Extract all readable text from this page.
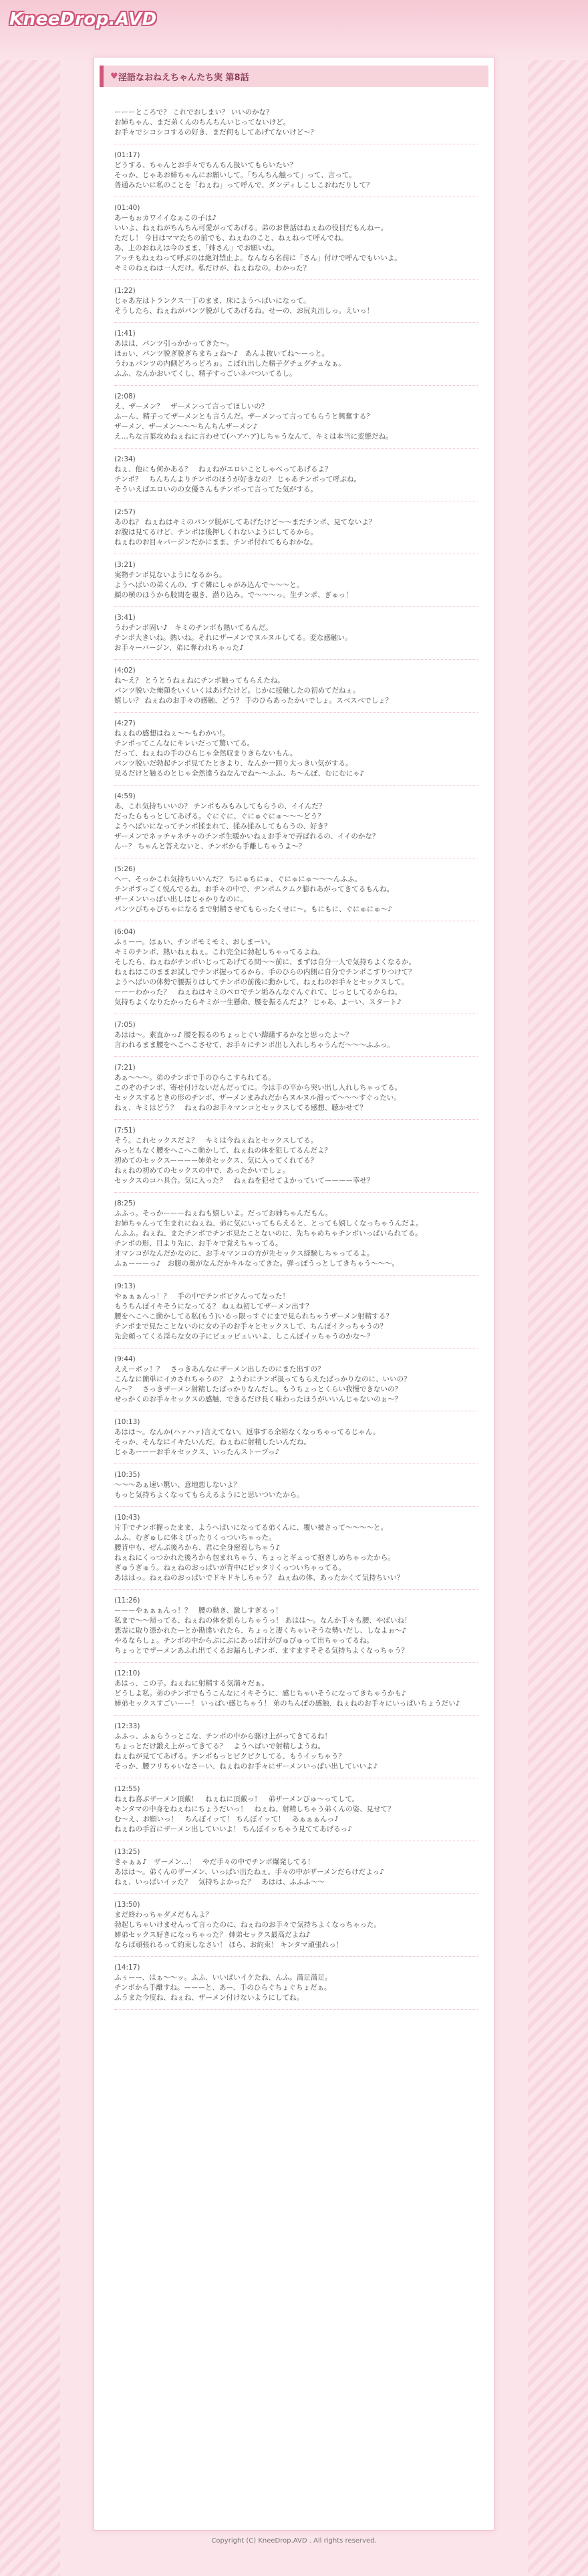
KneeDrop.AVD
♥ 淫語なおねえちゃんたち実 第8話
ーーーところで？ これでおしまい？ いいのかな？
お姉ちゃん、まだ弟くんのちんちんいじってないけど。
お手々でシコシコするの好き、まだ何もしてあげてないけど〜？
(01:17)
どうする、ちゃんとお手々でちんちん扱いてもらいたい？
そっか、じゃあお姉ちゃんにお願いして。「ちんちん触って」って、言って。
普通みたいに私のことを「ねぇね」って呼んで、ダンディしこしこおねだりして？
(01:40)
あーもぉカワイイなぁこの子は♪
いいよ、ねぇねがちんちん可愛がってあげる。弟のお世話はねぇねの役目だもんねー。
ただし！ 今日はママたちの前でも、ねぇねのこと、ねぇねって呼んでね。
あ、上のおねえは今のまま、「姉さん」でお願いね。
アッチもねぇねって呼ぶのは絶対禁止よ。なんなら名前に「さん」付けで呼んでもいいよ。
キミのねぇねは一人だけ。私だけが、ねぇねなの。わかった？
(1:22)
じゃあ左はトランクス一丁のまま、床にようへばいになって。
そうしたら、ねぇねがパンツ脱がしてあげるね。せーの、お尻丸出しっ。えいっ！
(1:41)
あはは、パンツ引っかかってきた〜。
ほぉい、パンツ脱ぎ脱ぎちまちょね〜♪　あんよ抜いてね〜ーっと。
うわぁパンツの内側どろっどろぉ。こぼれ出した精子グチュグチュなぁ。
ふふ、なんかおいてくし、精子すっごいネバついてるし。
(2:08)
え、ザーメン？　ザーメンって言ってほしいの？
ふーん、精子ってザーメンとも言うんだ。ザーメンって言ってもらうと興奮する？
ザーメン、ザーメン〜〜〜ちんちんザーメン♪
え…ちな言葉攻めねぇねに言わせて(ハアハア)しちゃうなんて、キミは本当に変態だね。
(2:34)
ねぇ、他にも何かある？　ねぇねがエロいことしゃべってあげるよ？
チンポ？　ちんちんよりチンポのほうが好きなの？ じゃあチンポって呼ぶね。
そういえばエロいのの女優さんもチンポって言ってた気がする。
(2:57)
あのね？ ねぇねはキミのパンツ脱がしてあげたけど〜〜まだチンポ、見てないよ？
お腹は見てるけど、チンポは後押しくれないようにしてるから。
ねぇねのお目々バージンだかにまま、チンポ付れてもらおかな。
(3:21)
実物チンポ見ないようになるから。
ようへばいの弟くんの、すぐ隣にしゃがみ込んで〜〜〜と。
顔の横のほうから股間を覗き、潜り込み。で〜〜〜っ。生チンポ、ぎゅっ！
(3:41)
うわチンポ固い♪　キミのチンポも熱いてるんだ。
チンポ大きいね。熱いね。それにザーメンでヌルヌルしてる。変な感触い。
お手々ーバージン、弟に奪われちゃった♪
(4:02)
ね〜え？ とうとうねぇねにチンポ触ってもらえたね。
パンツ脱いた俺顔をいくいくはあげたけど。じかに接触したの初めてだねぇ。
嬉しい？ ねぇねのお手々の感触、どう？ 手のひらあったかいでしょ。スベスベでしょ？
(4:27)
ねぇねの感想はねぇ〜〜もわかい!。
チンポってこんなにキレいだって驚いてる。
だって、ねぇねの手のひらじゃ全然収まりきらないもん。
パンツ脱いだ勃起チンポ見てたときより、なんか一回り大っきい気がする。
見るだけと触るのとじゃ全然違うねなんでね〜〜ふふ、ち〜んぽ、むにむにゃ♪
(4:59)
あ、これ気持ちいいの？ チンポもみもみしてもらうの、イイんだ？
だったらもっとしてあげる。ぐにぐに、ぐにゅぐにゅ〜〜〜どう？
ようへばいになってチンポ揉まれて、揉み揉みしてもらうの、好き？
ザーメンでネッチャネチャのチンポ生暖かいねぇお手々で弄ばれるの、イイのかな？
んー？ ちゃんと答えないと、チンポから手離しちゃうよ〜？
(5:26)
へー、そっかこれ気持ちいいんだ？ ちにゅちにゅ、ぐにゅにゅ〜〜〜んふふ。
チンポすっごく悦んでるね。お手々の中で、ヂンポムクムク膨れあがってきてるもんね。
ザーメンいっぱい出しはじゃかりなのに。
パンツびちゃびちゃになるまで射精させてもらったくせに〜。もにもに、ぐにゅにゅ〜♪
(6:04)
ふぅーー。はぁい、チンポモミモミ、おしまーい。
キミのチンポ、熱いねぇねぇ。これ完全に勃起しちゃってるよね。
そしたら、ねぇねがチンポいじってあげてる間〜〜前に、まずは自分一人で気持ちよくなるか。
ねぇねはこのままお試しでチンポ握ってるから、手のひらの内側に自分でチンポこすりつけて？
ようへばいの体勢で腰振りはしてチンポの前後に動かして、ねぇねのお手々とセックスして。
ーーーわかった？　ねぇねはキミのペロでチン垢みんなぐんぐれて、じっとしてるからね。
気持ちよくなりたかったらキミが一生懸命、腰を振るんだよ？ じゃあ、よーい、スタート♪
(7:05)
あはは〜。素直かっ♪ 腰を振るのちょっとぐい躊躇するかなと思ったよ〜？
言われるまま腰をへこへこさせて、お手々にチンポ出し入れしちゃうんだ〜〜〜ふふっ。
(7:21)
あぁ〜〜〜。弟のチンポで手のひらこすられてる。
このぞのチンポ、寄せ付けないだんだってに。今は手の平から突い出し入れしちゃってる。
セックスするときの形のチンポ、ザーメンまみれだからヌルヌル滑って〜〜〜すぐったい。
ねぇ、キミはどう？　ねぇねのお手々マンコとセックスしてる感想、聴かせて？
(7:51)
そう。これセックスだよ？　キミは今ねぇねとセックスしてる。
みっともなく腰をへこへこ動かして、ねぇねの体を犯してるんだよ？
初めてのセックスーーーー姉弟セックス、気に入ってくれてる？
ねぇねの初めてのセックスの中で、あったかいでしょ。
セックスのコハ具合。気に入った？　ねぇねを犯せてよかっていてーーーー幸せ？
(8:25)
ふふっ。そっかーーーねぇねも嬉しいよ。だってお姉ちゃんだもん。
お姉ちゃんって生まれにねぇね、弟に気にいってもらえると、とっても嬉しくなっちゃうんだよ。
んふふ。ねぇね、またチンポでチンポ見たことないのに、先ちゃめちゃチンポいっぱいられてる。
チンポの形、目より先に、お手々で覚えちゃってる。
オマンコがなんだかなのに、お手々マンコの方が先セックス経験しちゃってるよ。
ふぁーーーっ♪　お腹の奥がなんだかキルなってきた。弾っぽうっとしてきちゃう〜〜〜。
(9:13)
やぁぁぁんっ！？　手の中でチンポビクんってなった！
もうちんぽイキそうになってる？ ねぇね初してザーメン出す？
腰をへこへこ動かしてる私(もう)いるっ限っすぐにまで見られちゃうザーメン射精する？
チンポまで見たことないのに女の子のお手々とセックスして、ちんぽイクっちゃうの？
先会頼ってくる淫らな女の子にピュッピュいいよ、しこんぽイッちゃうのかな〜？
(9:44)
ええーボッ！？　さっきあんなにザーメン出したのにまた出すの？
こんなに簡単にイカされちゃうの？ ようわにチンポ扱ってもらえたばっかりなのに、いいの？
ん〜？　さっきザーメン射精したばっかりなんだし。もうちょっとくらい我慢できないの？
せっかくのお手々セックスの感触、できるだけ長く味わったほうがいいんじゃないのぉ〜？
(10:13)
あはは〜。なんか(ハァハァ)言えてない。返事する余裕なくなっちゃってるじゃん。
そっか、そんなにイキたいんだ。ねぇねに射精したいんだね。
じゃあーーーお手々セックス、いったんストープっ♪
(10:35)
〜〜〜あぁ速い驚い、意地悪しないよ？
もっと気持ちよくなってもらえるようにと思いついたから。
(10:43)
片手でチンポ握ったまま、ようへばいになってる弟くんに、覆い被さって〜〜〜〜と。
ふふ、むぎゅしに体ミぴったりくっついちゃった。
腰背中も、ぜんぶ後ろから、君に全身密着しちゃう♪
ねぇねにくっつかれた後ろから包まれちゃう、ちょっとギュって抱きしめちゃったから。
ぎゅうぎゅう。ねぇねのおっぱいが背中にピッタリくっついちゃってる。
あははっ。ねぇねのおっぱいでドキドキしちゃう？ ねぇねの体、あったかくて気持ちいい？
(11:26)
ーーーやぁぁぁんっ！？　腰の動き、激しすぎるっ！
私まで〜〜帰ってる、ねぇねの体を揺らしちゃうっ！ あはは〜。なんか手々も腰、やばいね！
悪霊に取り憑かれたーとか勘違いれたら、ちょっと凄くちゃいそうな勢いだし、しなよぉ〜♪
やるならしょ。チンポの中からぶにぶにあっぱ汁がびゅびゅって出ちゃってるね。
ちょっとでザーメンあふれ出てくるお漏らしチンポ、ますますそそる気持ちよくなっちゃう？
(12:10)
あはっ、この子。ねぇねに射精する気満々だぁ。
どうしよ私。弟のチンポでもうこんなにイキそうに、感じちゃいそうになってきちゃうかも♪
姉弟セックスすごいーー！ いっぱい感じちゃう！ 弟のちんぽの感触、ねぇねのお手々にいっぱいちょうだい♪
(12:33)
ふふっ、ふぁらうっとこな、チンポの中から駆け上がってきてるね！
ちょっとだけ鍛え上がってきてる？　ようへばいで射精しようね。
ねぇねが見ててあげる。チンポもっとピクピクしてる、もうイッちゃう？
そっか、腰フリちゃいなさーい、ねぇねのお手々にザーメンいっぱい出していいよ♪
(12:55)
ねぇね喜ぶザーメン頂戴！　ねぇねに頂戴っ！　弟ザーメンびゅ〜ってして。
キンタマの中身をねぇねにちょうだいっ！　ねぇね、射精しちゃう弟くんの姿、見せて？
む〜え、お願いっ！　ちんぽイッて！ ちんぽイッて！　あぁぁぁんっ♪
ねぇねの手首にザーメン出していいよ！ ちんぽイッちゃう見ててあげるっ♪
(13:25)
きゃぁぁ♪　ザーメン…！　やだ手々の中でチンポ爆発してる！
あはは〜。弟くんのザーメン、いっぱい出たねぇ。手々の中がザーメンだらけだよっ♪
ねぇ、いっぱいイッた？　気持ちよかった？　あはは、ふふふ〜〜
(13:50)
まだ終わっちゃダメだもんよ？
勃起しちゃいけませんって言ったのに、ねぇねのお手々で気持ちよくなっちゃった。
姉弟セックス好きになっちゃった？ 姉弟セックス最高だよね♪
ならば頑張れるって約束しなさい！ ほら、お約束！ キンタマ頑張れっ！
(14:17)
ふぅーー、はぁ〜〜ッ。ふふ、いいぱいイケたね、んふ。満足満足。
チンポから手離すね。ーーーと、あー、手のひらぐちょぐちょだぁ。
ふうまた今度ね、ねぇね、ザーメン付けないようにしてね。
Copyright (C) KneeDrop.AVD . All rights reserved.
